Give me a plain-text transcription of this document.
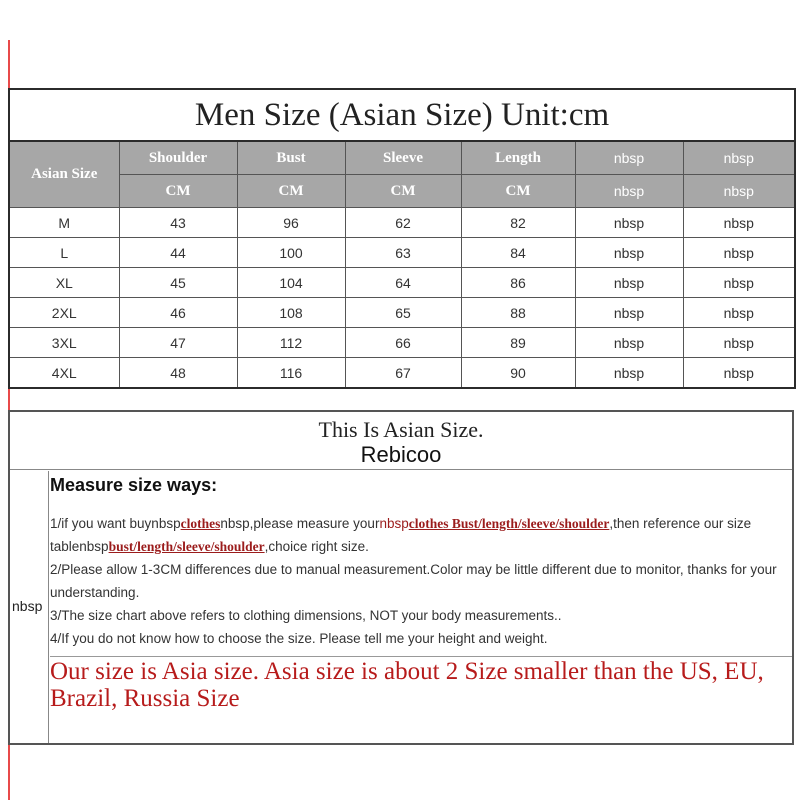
Men Size (Asian Size) Unit:cm						
Asian Size	Shoulder	Bust	Sleeve	Length	nbsp	nbsp
	CM	CM	CM	CM	nbsp	nbsp
M	43	96	62	82	nbsp	nbsp
L	44	100	63	84	nbsp	nbsp
XL	45	104	64	86	nbsp	nbsp
2XL	46	108	65	88	nbsp	nbsp
3XL	47	112	66	89	nbsp	nbsp
4XL	48	116	67	90	nbsp	nbsp
This Is Asian Size.
Rebicoo
nbsp
Measure size ways:

1/if you want buynbspclothesnbsp,please measure yournbspclothes Bust/length/sleeve/shoulder,then reference our size tablenbspbust/length/sleeve/shoulder,choice right size.

2/Please allow 1-3CM differences due to manual measurement.Color may be little different due to monitor, thanks for your understanding.

3/The size chart above refers to clothing dimensions, NOT your body measurements..

4/If you do not know how to choose the size. Please tell me your height and weight.

Our size is Asia size. Asia size is about 2 Size smaller than the US, EU, Brazil, Russia Size
